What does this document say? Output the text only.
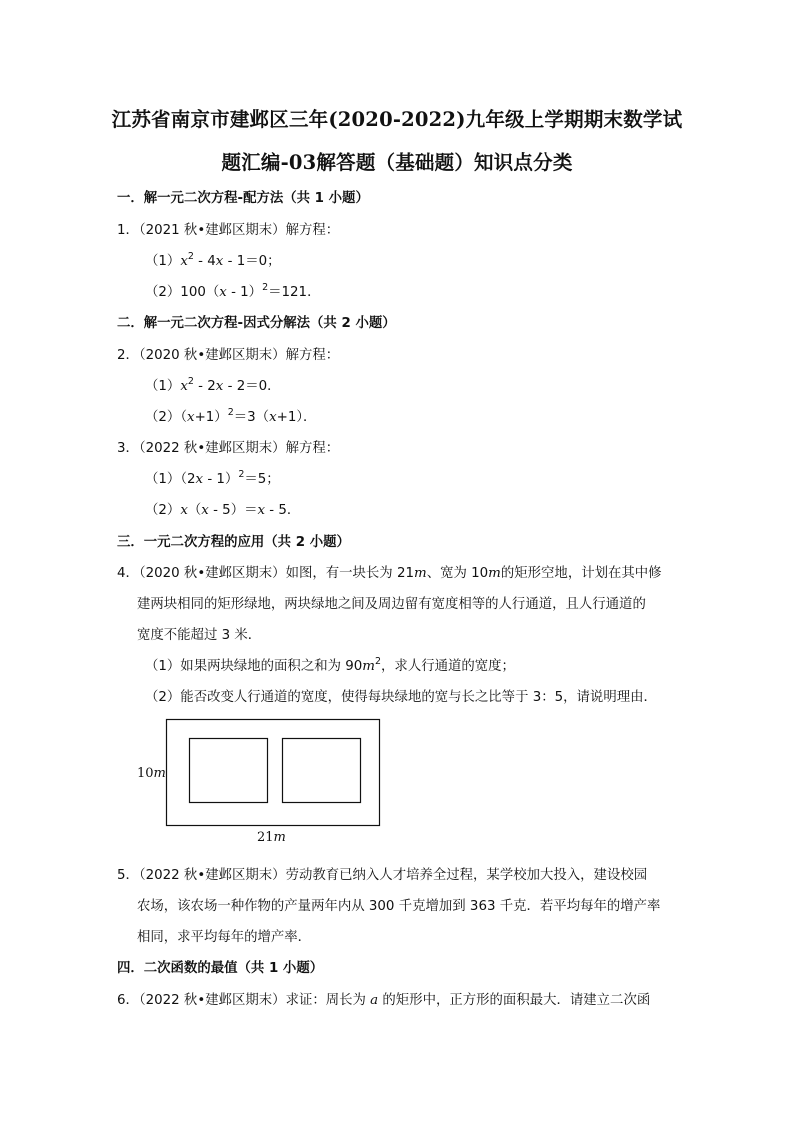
江苏省南京市建邺区三年(2020-2022)九年级上学期期末数学试
题汇编-03解答题（基础题）知识点分类
一．解一元二次方程-配方法（共 1 小题）
1．（2021 秋•建邺区期末）解方程：
$(1)x^2 - 4x - 1=0$；
（2）100（x - 1）$^2$＝121．
二．解一元二次方程-因式分解法（共 2 小题）
2．（2020 秋•建邺区期末）解方程：
$(1)x^2 - 2x - 2=0$．
$(2)(x+1)^2=3(x+1)$．
3．（2022 秋•建邺区期末）解方程：
（1）（2x - 1）$^2$＝5；
（2）x（x - 5）＝x - 5．
三．一元二次方程的应用（共 2 小题）
4．（2020 秋•建邺区期末）如图，有一块长为 21m、宽为 10m的矩形空地，计划在其中修
建两块相同的矩形绿地，两块绿地之间及周边留有宽度相等的人行通道，且人行通道的
宽度不能超过 3 米．
（1）如果两块绿地的面积之和为 $90m^2$，求人行通道的宽度；
（2）能否改变人行通道的宽度，使得每块绿地的宽与长之比等于 3：5，请说明理由．
10m
21m
5．（2022 秋•建邺区期末）劳动教育已纳入人才培养全过程，某学校加大投入，建设校园
农场，该农场一种作物的产量两年内从 300 千克增加到 363 千克．若平均每年的增产率
相同，求平均每年的增产率．
四．二次函数的最值（共 1 小题）
6．（2022 秋•建邺区期末）求证：周长为 a 的矩形中，正方形的面积最大．请建立二次函
